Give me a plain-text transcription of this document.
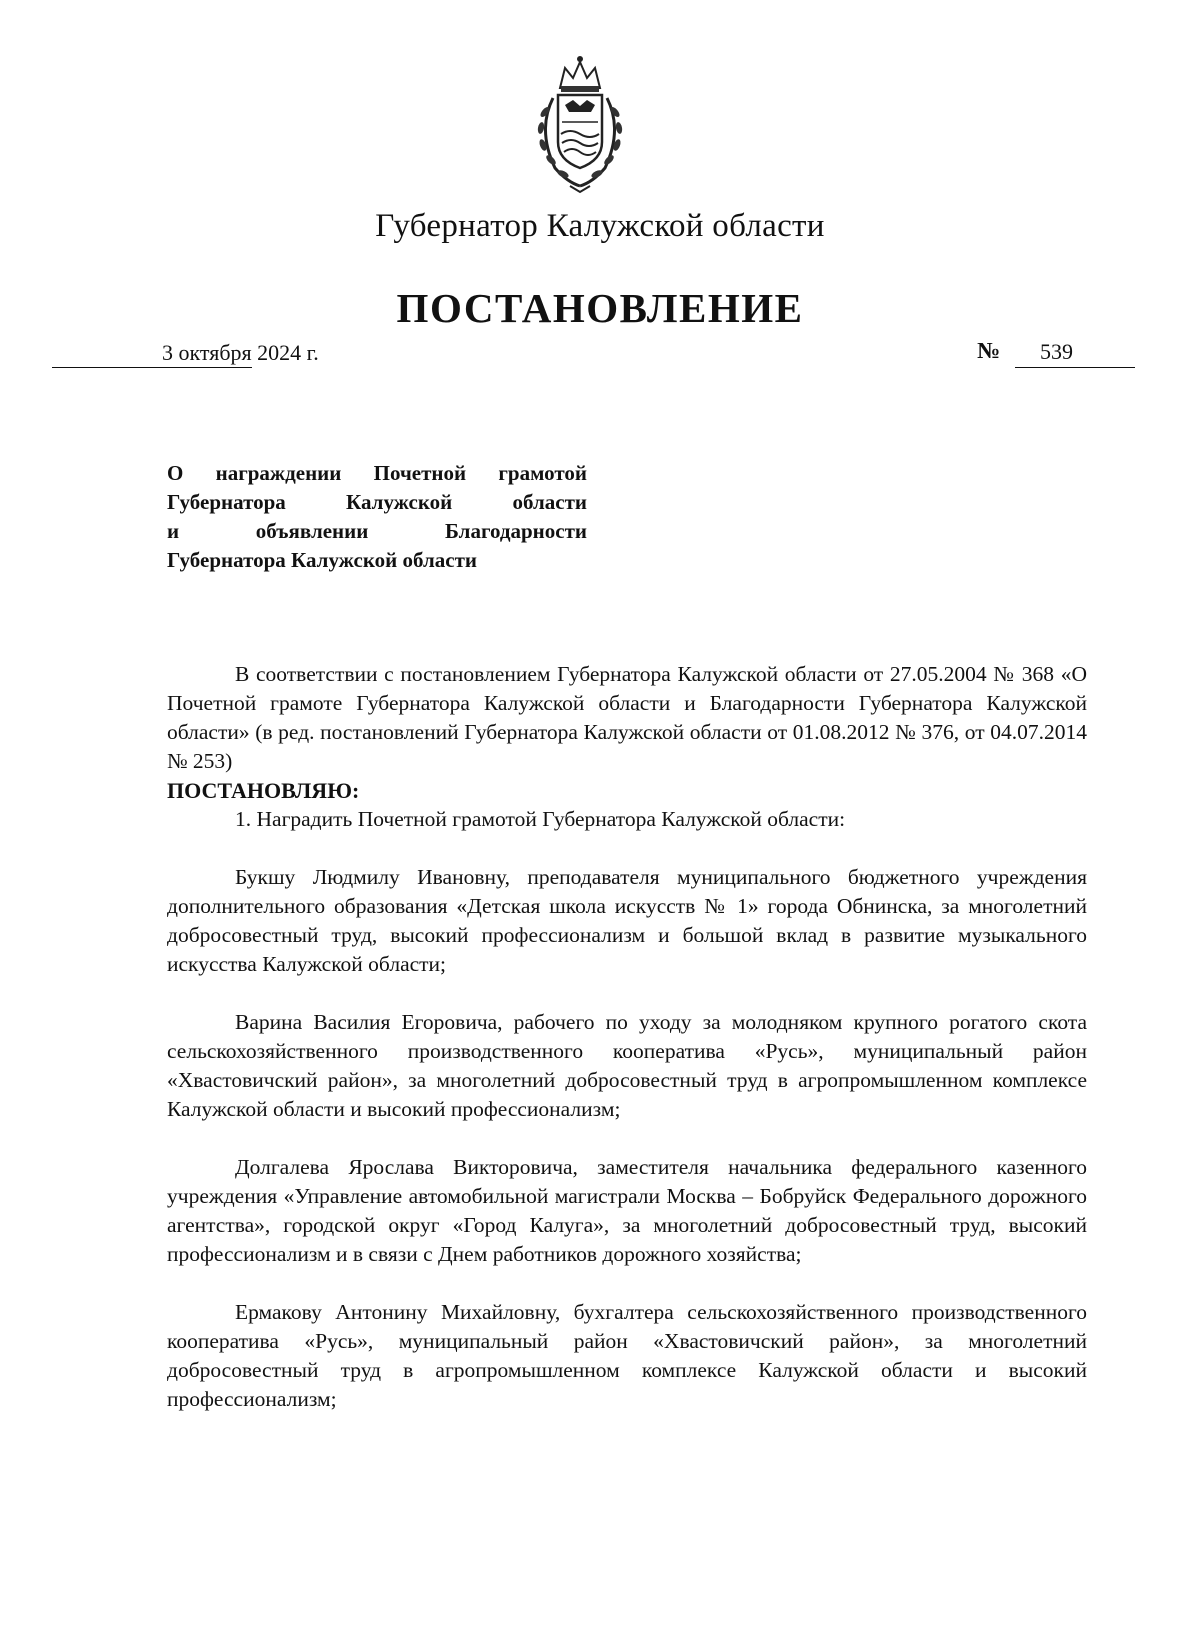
Губернатор Калужской области
ПОСТАНОВЛЕНИЕ
3 октября 2024 г.	№ 539
О награждении Почетной грамотой
Губернатора Калужской области
и объявлении Благодарности
Губернатора Калужской области

В соответствии с постановлением Губернатора Калужской области от 27.05.2004 № 368 «О Почетной грамоте Губернатора Калужской области и Благодарности Губернатора Калужской области» (в ред. постановлений Губернатора Калужской области от 01.08.2012 № 376, от 04.07.2014 № 253)

ПОСТАНОВЛЯЮ:

1. Наградить Почетной грамотой Губернатора Калужской области:

Букшу Людмилу Ивановну, преподавателя муниципального бюджетного учреждения дополнительного образования «Детская школа искусств № 1» города Обнинска, за многолетний добросовестный труд, высокий профессионализм и большой вклад в развитие музыкального искусства Калужской области;

Варина Василия Егоровича, рабочего по уходу за молодняком крупного рогатого скота сельскохозяйственного производственного кооператива «Русь», муниципальный район «Хвастовичский район», за многолетний добросовестный труд в агропромышленном комплексе Калужской области и высокий профессионализм;

Долгалева Ярослава Викторовича, заместителя начальника федерального казенного учреждения «Управление автомобильной магистрали Москва – Бобруйск Федерального дорожного агентства», городской округ «Город Калуга», за многолетний добросовестный труд, высокий профессионализм и в связи с Днем работников дорожного хозяйства;

Ермакову Антонину Михайловну, бухгалтера сельскохозяйственного производственного кооператива «Русь», муниципальный район «Хвастовичский район», за многолетний добросовестный труд в агропромышленном комплексе Калужской области и высокий профессионализм;
